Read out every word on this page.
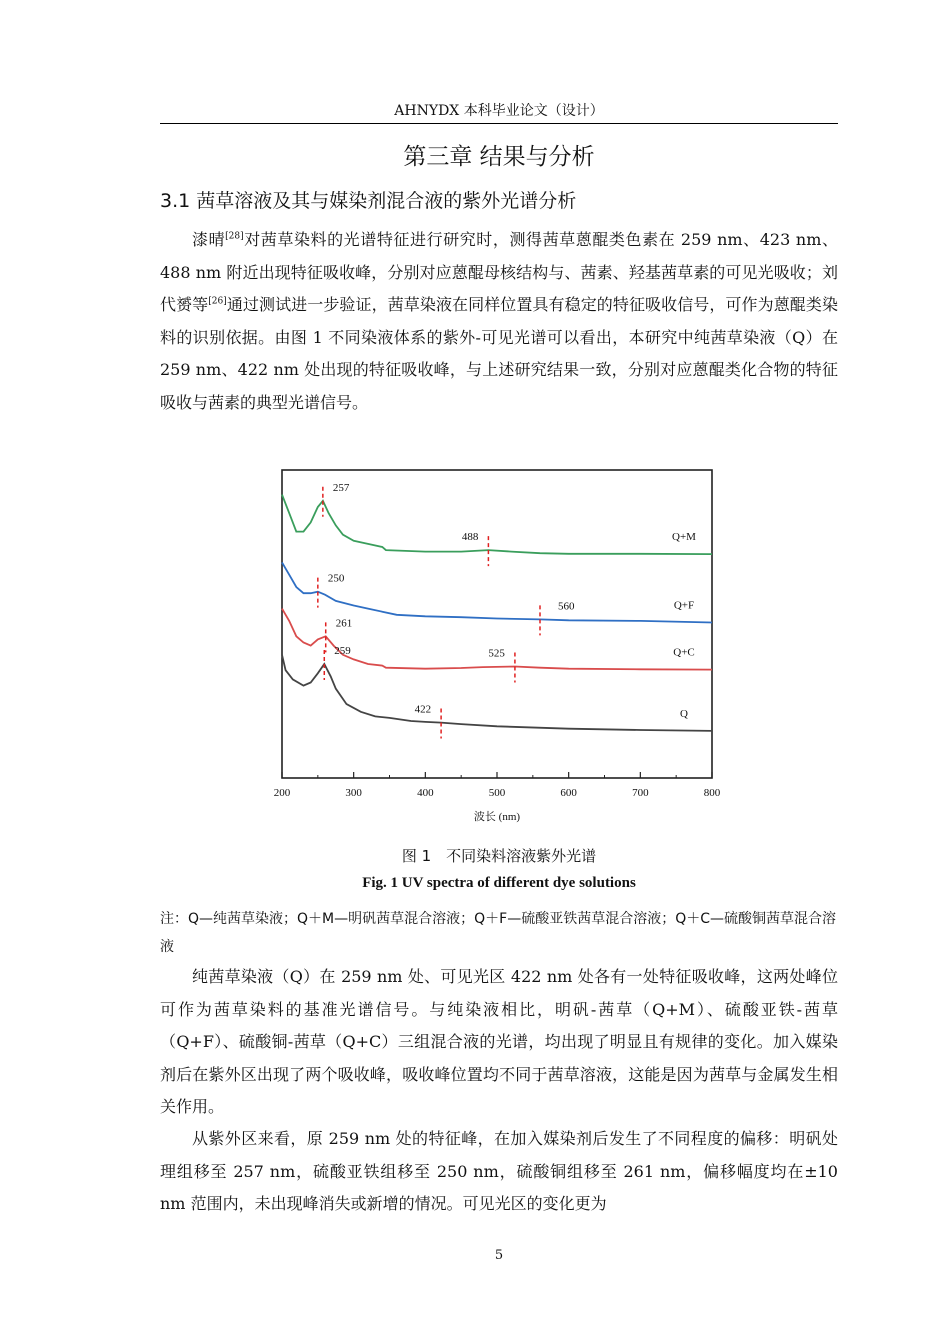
AHNYDX 本科毕业论文（设计）
第三章 结果与分析
3.1 茜草溶液及其与媒染剂混合液的紫外光谱分析

漆晴[28]对茜草染料的光谱特征进行研究时，测得茜草蒽醌类色素在 259 nm、423 nm、488 nm 附近出现特征吸收峰，分别对应蒽醌母核结构与、茜素、羟基茜草素的可见光吸收；刘代赟等[26]通过测试进一步验证，茜草染液在同样位置具有稳定的特征吸收信号，可作为蒽醌类染料的识别依据。由图 1 不同染液体系的紫外-可见光谱可以看出，本研究中纯茜草染液（Q）在 259 nm、422 nm 处出现的特征吸收峰，与上述研究结果一致，分别对应蒽醌类化合物的特征吸收与茜素的典型光谱信号。

200	300	400	500	600	700	800
波长 (nm)
Q+M
257
488
Q+F
250
560
Q+C
261
525
Q
259
422
图 1　不同染料溶液紫外光谱
Fig. 1 UV spectra of different dye solutions
注：Q—纯茜草染液；Q＋M—明矾茜草混合溶液；Q＋F—硫酸亚铁茜草混合溶液；Q＋C—硫酸铜茜草混合溶液

纯茜草染液（Q）在 259 nm 处、可见光区 422 nm 处各有一处特征吸收峰，这两处峰位可作为茜草染料的基准光谱信号。与纯染液相比，明矾-茜草（Q+M）、硫酸亚铁-茜草（Q+F）、硫酸铜-茜草（Q+C）三组混合液的光谱，均出现了明显且有规律的变化。加入媒染剂后在紫外区出现了两个吸收峰，吸收峰位置均不同于茜草溶液，这能是因为茜草与金属发生相关作用。

从紫外区来看，原 259 nm 处的特征峰，在加入媒染剂后发生了不同程度的偏移：明矾处理组移至 257 nm，硫酸亚铁组移至 250 nm，硫酸铜组移至 261 nm，偏移幅度均在±10 nm 范围内，未出现峰消失或新增的情况。可见光区的变化更为

5
